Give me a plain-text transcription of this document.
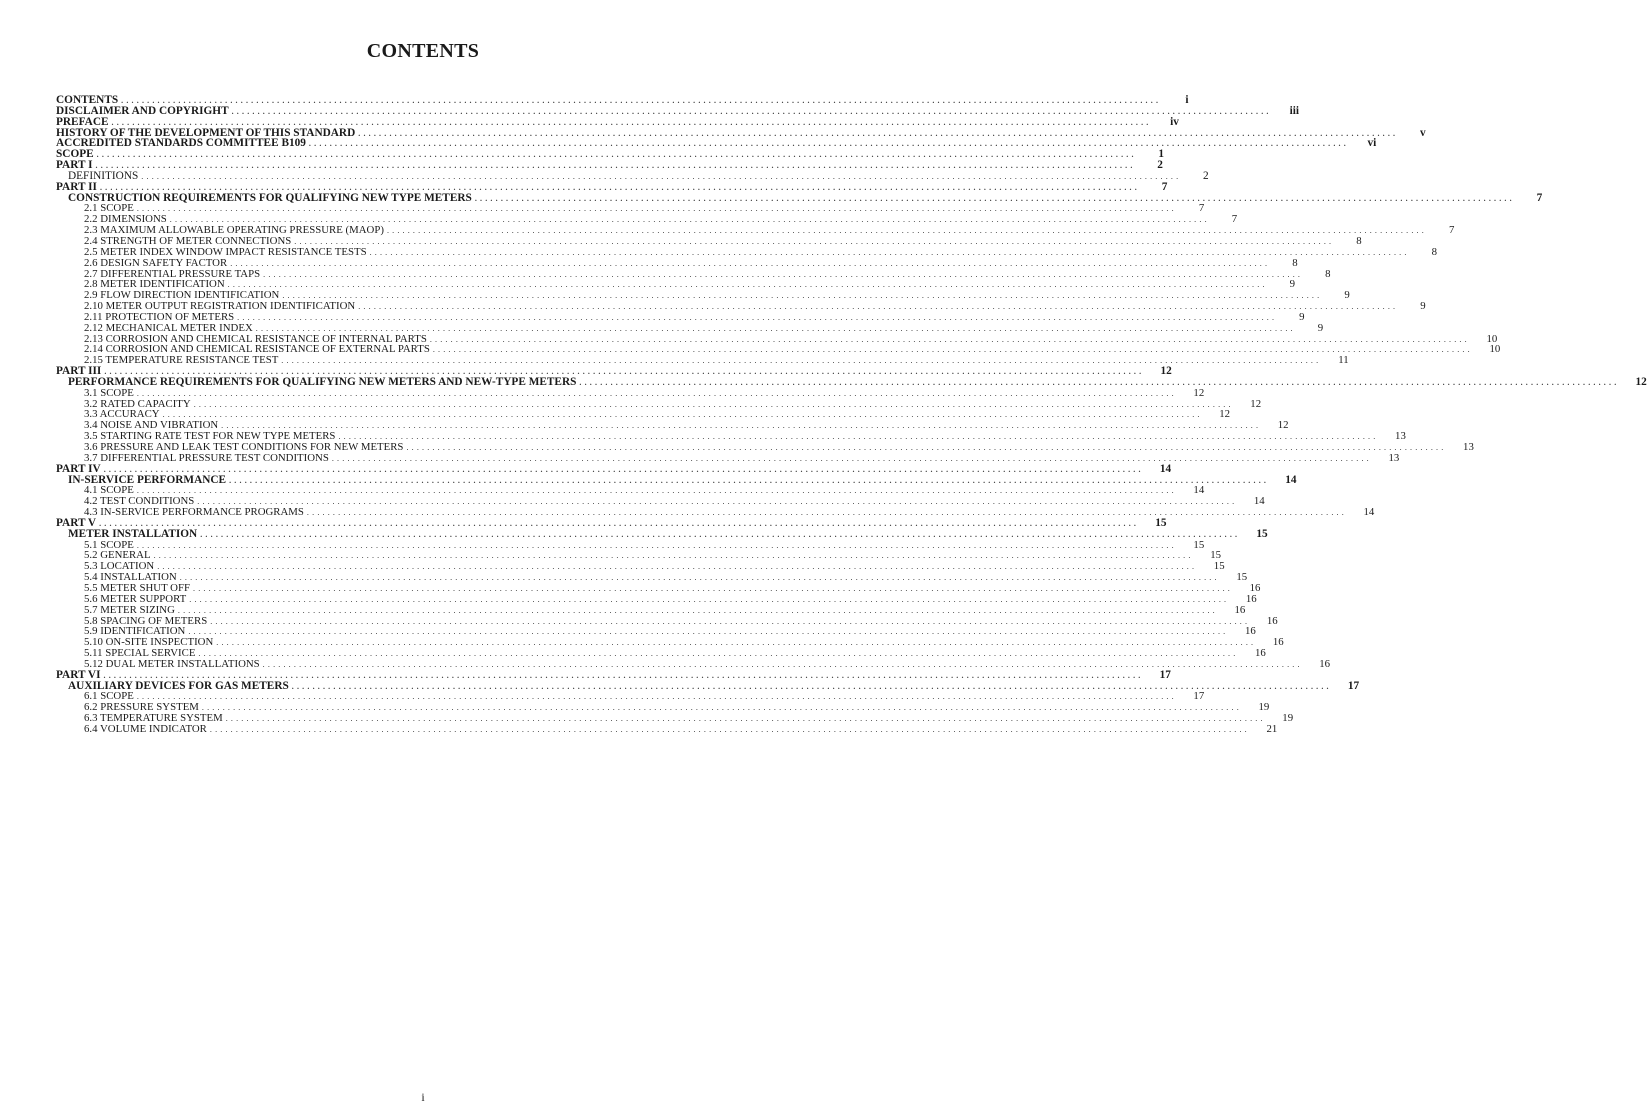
CONTENTS
CONTENTS . . . . . . . . . . . . . . . . . . . . . . . . . . . . . . . . . . . . . . . . . . . . . . . . . . . . . . . . . . . . . . . . . . . . . . . . . . . . . . . . . . . . . . . . . . . . . . . . . . . . . . . . . . . . . . . . . . . . . . . . . . . . . . . . . . . . . . . . . . . . . . . . . . . . . . . . . . . . . . . . . . . . . . . . . . . . . . . . . . . . . . . . . . . . . . . . . . . . . . . .	i
DISCLAIMER AND COPYRIGHT . . . . . . . . . . . . . . . . . . . . . . . . . . . . . . . . . . . . . . . . . . . . . . . . . . . . . . . . . . . . . . . . . . . . . . . . . . . . . . . . . . . . . . . . . . . . . . . . . . . . . . . . . . . . . . . . . . . . . . . . . . . . . . . . . . . . . . . . . . . . . . . . . . . . . . . . . . . . . . . . . . . . . . . . . . . . . . . . . . . . . . . . . . . . . . . . . . . . . . . .	iii
PREFACE . . . . . . . . . . . . . . . . . . . . . . . . . . . . . . . . . . . . . . . . . . . . . . . . . . . . . . . . . . . . . . . . . . . . . . . . . . . . . . . . . . . . . . . . . . . . . . . . . . . . . . . . . . . . . . . . . . . . . . . . . . . . . . . . . . . . . . . . . . . . . . . . . . . . . . . . . . . . . . . . . . . . . . . . . . . . . . . . . . . . . . . . . . . . . . . . . . . . . . . .	iv
HISTORY OF THE DEVELOPMENT OF THIS STANDARD . . . . . . . . . . . . . . . . . . . . . . . . . . . . . . . . . . . . . . . . . . . . . . . . . . . . . . . . . . . . . . . . . . . . . . . . . . . . . . . . . . . . . . . . . . . . . . . . . . . . . . . . . . . . . . . . . . . . . . . . . . . . . . . . . . . . . . . . . . . . . . . . . . . . . . . . . . . . . . . . . . . . . . . . . . . . . . . . . . . . . . . . . . . . . . . . . . . . . . . .	v
ACCREDITED STANDARDS COMMITTEE B109 . . . . . . . . . . . . . . . . . . . . . . . . . . . . . . . . . . . . . . . . . . . . . . . . . . . . . . . . . . . . . . . . . . . . . . . . . . . . . . . . . . . . . . . . . . . . . . . . . . . . . . . . . . . . . . . . . . . . . . . . . . . . . . . . . . . . . . . . . . . . . . . . . . . . . . . . . . . . . . . . . . . . . . . . . . . . . . . . . . . . . . . . . . . . . . . . . . . . . . . .	vi
SCOPE . . . . . . . . . . . . . . . . . . . . . . . . . . . . . . . . . . . . . . . . . . . . . . . . . . . . . . . . . . . . . . . . . . . . . . . . . . . . . . . . . . . . . . . . . . . . . . . . . . . . . . . . . . . . . . . . . . . . . . . . . . . . . . . . . . . . . . . . . . . . . . . . . . . . . . . . . . . . . . . . . . . . . . . . . . . . . . . . . . . . . . . . . . . . . . . . . . . . . . . .	1
PART I . . . . . . . . . . . . . . . . . . . . . . . . . . . . . . . . . . . . . . . . . . . . . . . . . . . . . . . . . . . . . . . . . . . . . . . . . . . . . . . . . . . . . . . . . . . . . . . . . . . . . . . . . . . . . . . . . . . . . . . . . . . . . . . . . . . . . . . . . . . . . . . . . . . . . . . . . . . . . . . . . . . . . . . . . . . . . . . . . . . . . . . . . . . . . . . . . . . . . . . .	2
DEFINITIONS . . . . . . . . . . . . . . . . . . . . . . . . . . . . . . . . . . . . . . . . . . . . . . . . . . . . . . . . . . . . . . . . . . . . . . . . . . . . . . . . . . . . . . . . . . . . . . . . . . . . . . . . . . . . . . . . . . . . . . . . . . . . . . . . . . . . . . . . . . . . . . . . . . . . . . . . . . . . . . . . . . . . . . . . . . . . . . . . . . . . . . . . . . . . . . . . . . . . . . . .	2
PART II . . . . . . . . . . . . . . . . . . . . . . . . . . . . . . . . . . . . . . . . . . . . . . . . . . . . . . . . . . . . . . . . . . . . . . . . . . . . . . . . . . . . . . . . . . . . . . . . . . . . . . . . . . . . . . . . . . . . . . . . . . . . . . . . . . . . . . . . . . . . . . . . . . . . . . . . . . . . . . . . . . . . . . . . . . . . . . . . . . . . . . . . . . . . . . . . . . . . . . . .	7
CONSTRUCTION REQUIREMENTS FOR QUALIFYING NEW TYPE METERS . . . . . . . . . . . . . . . . . . . . . . . . . . . . . . . . . . . . . . . . . . . . . . . . . . . . . . . . . . . . . . . . . . . . . . . . . . . . . . . . . . . . . . . . . . . . . . . . . . . . . . . . . . . . . . . . . . . . . . . . . . . . . . . . . . . . . . . . . . . . . . . . . . . . . . . . . . . . . . . . . . . . . . . . . . . . . . . . . . . . . . . . . . . . . . . . . . . . . . . .	7
2.1 SCOPE . . . . . . . . . . . . . . . . . . . . . . . . . . . . . . . . . . . . . . . . . . . . . . . . . . . . . . . . . . . . . . . . . . . . . . . . . . . . . . . . . . . . . . . . . . . . . . . . . . . . . . . . . . . . . . . . . . . . . . . . . . . . . . . . . . . . . . . . . . . . . . . . . . . . . . . . . . . . . . . . . . . . . . . . . . . . . . . . . . . . . . . . . . . . . . . . . . . . . . . .	7
2.2 DIMENSIONS . . . . . . . . . . . . . . . . . . . . . . . . . . . . . . . . . . . . . . . . . . . . . . . . . . . . . . . . . . . . . . . . . . . . . . . . . . . . . . . . . . . . . . . . . . . . . . . . . . . . . . . . . . . . . . . . . . . . . . . . . . . . . . . . . . . . . . . . . . . . . . . . . . . . . . . . . . . . . . . . . . . . . . . . . . . . . . . . . . . . . . . . . . . . . . . . . . . . . . . .	7
2.3 MAXIMUM ALLOWABLE OPERATING PRESSURE (MAOP) . . . . . . . . . . . . . . . . . . . . . . . . . . . . . . . . . . . . . . . . . . . . . . . . . . . . . . . . . . . . . . . . . . . . . . . . . . . . . . . . . . . . . . . . . . . . . . . . . . . . . . . . . . . . . . . . . . . . . . . . . . . . . . . . . . . . . . . . . . . . . . . . . . . . . . . . . . . . . . . . . . . . . . . . . . . . . . . . . . . . . . . . . . . . . . . . . . . . . . . .	7
2.4 STRENGTH OF METER CONNECTIONS . . . . . . . . . . . . . . . . . . . . . . . . . . . . . . . . . . . . . . . . . . . . . . . . . . . . . . . . . . . . . . . . . . . . . . . . . . . . . . . . . . . . . . . . . . . . . . . . . . . . . . . . . . . . . . . . . . . . . . . . . . . . . . . . . . . . . . . . . . . . . . . . . . . . . . . . . . . . . . . . . . . . . . . . . . . . . . . . . . . . . . . . . . . . . . . . . . . . . . . .	8
2.5 METER INDEX WINDOW IMPACT RESISTANCE TESTS . . . . . . . . . . . . . . . . . . . . . . . . . . . . . . . . . . . . . . . . . . . . . . . . . . . . . . . . . . . . . . . . . . . . . . . . . . . . . . . . . . . . . . . . . . . . . . . . . . . . . . . . . . . . . . . . . . . . . . . . . . . . . . . . . . . . . . . . . . . . . . . . . . . . . . . . . . . . . . . . . . . . . . . . . . . . . . . . . . . . . . . . . . . . . . . . . . . . . . . .	8
2.6 DESIGN SAFETY FACTOR . . . . . . . . . . . . . . . . . . . . . . . . . . . . . . . . . . . . . . . . . . . . . . . . . . . . . . . . . . . . . . . . . . . . . . . . . . . . . . . . . . . . . . . . . . . . . . . . . . . . . . . . . . . . . . . . . . . . . . . . . . . . . . . . . . . . . . . . . . . . . . . . . . . . . . . . . . . . . . . . . . . . . . . . . . . . . . . . . . . . . . . . . . . . . . . . . . . . . . . .	8
2.7 DIFFERENTIAL PRESSURE TAPS . . . . . . . . . . . . . . . . . . . . . . . . . . . . . . . . . . . . . . . . . . . . . . . . . . . . . . . . . . . . . . . . . . . . . . . . . . . . . . . . . . . . . . . . . . . . . . . . . . . . . . . . . . . . . . . . . . . . . . . . . . . . . . . . . . . . . . . . . . . . . . . . . . . . . . . . . . . . . . . . . . . . . . . . . . . . . . . . . . . . . . . . . . . . . . . . . . . . . . . .	8
2.8 METER IDENTIFICATION . . . . . . . . . . . . . . . . . . . . . . . . . . . . . . . . . . . . . . . . . . . . . . . . . . . . . . . . . . . . . . . . . . . . . . . . . . . . . . . . . . . . . . . . . . . . . . . . . . . . . . . . . . . . . . . . . . . . . . . . . . . . . . . . . . . . . . . . . . . . . . . . . . . . . . . . . . . . . . . . . . . . . . . . . . . . . . . . . . . . . . . . . . . . . . . . . . . . . . . .	9
2.9 FLOW DIRECTION IDENTIFICATION . . . . . . . . . . . . . . . . . . . . . . . . . . . . . . . . . . . . . . . . . . . . . . . . . . . . . . . . . . . . . . . . . . . . . . . . . . . . . . . . . . . . . . . . . . . . . . . . . . . . . . . . . . . . . . . . . . . . . . . . . . . . . . . . . . . . . . . . . . . . . . . . . . . . . . . . . . . . . . . . . . . . . . . . . . . . . . . . . . . . . . . . . . . . . . . . . . . . . . . .	9
2.10 METER OUTPUT REGISTRATION IDENTIFICATION . . . . . . . . . . . . . . . . . . . . . . . . . . . . . . . . . . . . . . . . . . . . . . . . . . . . . . . . . . . . . . . . . . . . . . . . . . . . . . . . . . . . . . . . . . . . . . . . . . . . . . . . . . . . . . . . . . . . . . . . . . . . . . . . . . . . . . . . . . . . . . . . . . . . . . . . . . . . . . . . . . . . . . . . . . . . . . . . . . . . . . . . . . . . . . . . . . . . . . . .	9
2.11 PROTECTION OF METERS . . . . . . . . . . . . . . . . . . . . . . . . . . . . . . . . . . . . . . . . . . . . . . . . . . . . . . . . . . . . . . . . . . . . . . . . . . . . . . . . . . . . . . . . . . . . . . . . . . . . . . . . . . . . . . . . . . . . . . . . . . . . . . . . . . . . . . . . . . . . . . . . . . . . . . . . . . . . . . . . . . . . . . . . . . . . . . . . . . . . . . . . . . . . . . . . . . . . . . . .	9
2.12 MECHANICAL METER INDEX . . . . . . . . . . . . . . . . . . . . . . . . . . . . . . . . . . . . . . . . . . . . . . . . . . . . . . . . . . . . . . . . . . . . . . . . . . . . . . . . . . . . . . . . . . . . . . . . . . . . . . . . . . . . . . . . . . . . . . . . . . . . . . . . . . . . . . . . . . . . . . . . . . . . . . . . . . . . . . . . . . . . . . . . . . . . . . . . . . . . . . . . . . . . . . . . . . . . . . . .	9
2.13 CORROSION AND CHEMICAL RESISTANCE OF INTERNAL PARTS . . . . . . . . . . . . . . . . . . . . . . . . . . . . . . . . . . . . . . . . . . . . . . . . . . . . . . . . . . . . . . . . . . . . . . . . . . . . . . . . . . . . . . . . . . . . . . . . . . . . . . . . . . . . . . . . . . . . . . . . . . . . . . . . . . . . . . . . . . . . . . . . . . . . . . . . . . . . . . . . . . . . . . . . . . . . . . . . . . . . . . . . . . . . . . . . . . . . . . . .	10
2.14 CORROSION AND CHEMICAL RESISTANCE OF EXTERNAL PARTS . . . . . . . . . . . . . . . . . . . . . . . . . . . . . . . . . . . . . . . . . . . . . . . . . . . . . . . . . . . . . . . . . . . . . . . . . . . . . . . . . . . . . . . . . . . . . . . . . . . . . . . . . . . . . . . . . . . . . . . . . . . . . . . . . . . . . . . . . . . . . . . . . . . . . . . . . . . . . . . . . . . . . . . . . . . . . . . . . . . . . . . . . . . . . . . . . . . . . . . .	10
2.15 TEMPERATURE RESISTANCE TEST . . . . . . . . . . . . . . . . . . . . . . . . . . . . . . . . . . . . . . . . . . . . . . . . . . . . . . . . . . . . . . . . . . . . . . . . . . . . . . . . . . . . . . . . . . . . . . . . . . . . . . . . . . . . . . . . . . . . . . . . . . . . . . . . . . . . . . . . . . . . . . . . . . . . . . . . . . . . . . . . . . . . . . . . . . . . . . . . . . . . . . . . . . . . . . . . . . . . . . . .	11
PART III . . . . . . . . . . . . . . . . . . . . . . . . . . . . . . . . . . . . . . . . . . . . . . . . . . . . . . . . . . . . . . . . . . . . . . . . . . . . . . . . . . . . . . . . . . . . . . . . . . . . . . . . . . . . . . . . . . . . . . . . . . . . . . . . . . . . . . . . . . . . . . . . . . . . . . . . . . . . . . . . . . . . . . . . . . . . . . . . . . . . . . . . . . . . . . . . . . . . . . . .	12
PERFORMANCE REQUIREMENTS FOR QUALIFYING NEW METERS AND NEW-TYPE METERS . . . . . . . . . . . . . . . . . . . . . . . . . . . . . . . . . . . . . . . . . . . . . . . . . . . . . . . . . . . . . . . . . . . . . . . . . . . . . . . . . . . . . . . . . . . . . . . . . . . . . . . . . . . . . . . . . . . . . . . . . . . . . . . . . . . . . . . . . . . . . . . . . . . . . . . . . . . . . . . . . . . . . . . . . . . . . . . . . . . . . . . . . . . . . . . . . . . . . . . .	12
3.1 SCOPE . . . . . . . . . . . . . . . . . . . . . . . . . . . . . . . . . . . . . . . . . . . . . . . . . . . . . . . . . . . . . . . . . . . . . . . . . . . . . . . . . . . . . . . . . . . . . . . . . . . . . . . . . . . . . . . . . . . . . . . . . . . . . . . . . . . . . . . . . . . . . . . . . . . . . . . . . . . . . . . . . . . . . . . . . . . . . . . . . . . . . . . . . . . . . . . . . . . . . . . .	12
3.2 RATED CAPACITY . . . . . . . . . . . . . . . . . . . . . . . . . . . . . . . . . . . . . . . . . . . . . . . . . . . . . . . . . . . . . . . . . . . . . . . . . . . . . . . . . . . . . . . . . . . . . . . . . . . . . . . . . . . . . . . . . . . . . . . . . . . . . . . . . . . . . . . . . . . . . . . . . . . . . . . . . . . . . . . . . . . . . . . . . . . . . . . . . . . . . . . . . . . . . . . . . . . . . . . .	12
3.3 ACCURACY . . . . . . . . . . . . . . . . . . . . . . . . . . . . . . . . . . . . . . . . . . . . . . . . . . . . . . . . . . . . . . . . . . . . . . . . . . . . . . . . . . . . . . . . . . . . . . . . . . . . . . . . . . . . . . . . . . . . . . . . . . . . . . . . . . . . . . . . . . . . . . . . . . . . . . . . . . . . . . . . . . . . . . . . . . . . . . . . . . . . . . . . . . . . . . . . . . . . . . . .	12
3.4 NOISE AND VIBRATION . . . . . . . . . . . . . . . . . . . . . . . . . . . . . . . . . . . . . . . . . . . . . . . . . . . . . . . . . . . . . . . . . . . . . . . . . . . . . . . . . . . . . . . . . . . . . . . . . . . . . . . . . . . . . . . . . . . . . . . . . . . . . . . . . . . . . . . . . . . . . . . . . . . . . . . . . . . . . . . . . . . . . . . . . . . . . . . . . . . . . . . . . . . . . . . . . . . . . . . .	12
3.5 STARTING RATE TEST FOR NEW TYPE METERS . . . . . . . . . . . . . . . . . . . . . . . . . . . . . . . . . . . . . . . . . . . . . . . . . . . . . . . . . . . . . . . . . . . . . . . . . . . . . . . . . . . . . . . . . . . . . . . . . . . . . . . . . . . . . . . . . . . . . . . . . . . . . . . . . . . . . . . . . . . . . . . . . . . . . . . . . . . . . . . . . . . . . . . . . . . . . . . . . . . . . . . . . . . . . . . . . . . . . . . .	13
3.6 PRESSURE AND LEAK TEST CONDITIONS FOR NEW METERS . . . . . . . . . . . . . . . . . . . . . . . . . . . . . . . . . . . . . . . . . . . . . . . . . . . . . . . . . . . . . . . . . . . . . . . . . . . . . . . . . . . . . . . . . . . . . . . . . . . . . . . . . . . . . . . . . . . . . . . . . . . . . . . . . . . . . . . . . . . . . . . . . . . . . . . . . . . . . . . . . . . . . . . . . . . . . . . . . . . . . . . . . . . . . . . . . . . . . . . .	13
3.7 DIFFERENTIAL PRESSURE TEST CONDITIONS . . . . . . . . . . . . . . . . . . . . . . . . . . . . . . . . . . . . . . . . . . . . . . . . . . . . . . . . . . . . . . . . . . . . . . . . . . . . . . . . . . . . . . . . . . . . . . . . . . . . . . . . . . . . . . . . . . . . . . . . . . . . . . . . . . . . . . . . . . . . . . . . . . . . . . . . . . . . . . . . . . . . . . . . . . . . . . . . . . . . . . . . . . . . . . . . . . . . . . . .	13
PART IV . . . . . . . . . . . . . . . . . . . . . . . . . . . . . . . . . . . . . . . . . . . . . . . . . . . . . . . . . . . . . . . . . . . . . . . . . . . . . . . . . . . . . . . . . . . . . . . . . . . . . . . . . . . . . . . . . . . . . . . . . . . . . . . . . . . . . . . . . . . . . . . . . . . . . . . . . . . . . . . . . . . . . . . . . . . . . . . . . . . . . . . . . . . . . . . . . . . . . . . .	14
IN-SERVICE PERFORMANCE . . . . . . . . . . . . . . . . . . . . . . . . . . . . . . . . . . . . . . . . . . . . . . . . . . . . . . . . . . . . . . . . . . . . . . . . . . . . . . . . . . . . . . . . . . . . . . . . . . . . . . . . . . . . . . . . . . . . . . . . . . . . . . . . . . . . . . . . . . . . . . . . . . . . . . . . . . . . . . . . . . . . . . . . . . . . . . . . . . . . . . . . . . . . . . . . . . . . . . . .	14
4.1 SCOPE . . . . . . . . . . . . . . . . . . . . . . . . . . . . . . . . . . . . . . . . . . . . . . . . . . . . . . . . . . . . . . . . . . . . . . . . . . . . . . . . . . . . . . . . . . . . . . . . . . . . . . . . . . . . . . . . . . . . . . . . . . . . . . . . . . . . . . . . . . . . . . . . . . . . . . . . . . . . . . . . . . . . . . . . . . . . . . . . . . . . . . . . . . . . . . . . . . . . . . . .	14
4.2 TEST CONDITIONS . . . . . . . . . . . . . . . . . . . . . . . . . . . . . . . . . . . . . . . . . . . . . . . . . . . . . . . . . . . . . . . . . . . . . . . . . . . . . . . . . . . . . . . . . . . . . . . . . . . . . . . . . . . . . . . . . . . . . . . . . . . . . . . . . . . . . . . . . . . . . . . . . . . . . . . . . . . . . . . . . . . . . . . . . . . . . . . . . . . . . . . . . . . . . . . . . . . . . . . .	14
4.3 IN-SERVICE PERFORMANCE PROGRAMS . . . . . . . . . . . . . . . . . . . . . . . . . . . . . . . . . . . . . . . . . . . . . . . . . . . . . . . . . . . . . . . . . . . . . . . . . . . . . . . . . . . . . . . . . . . . . . . . . . . . . . . . . . . . . . . . . . . . . . . . . . . . . . . . . . . . . . . . . . . . . . . . . . . . . . . . . . . . . . . . . . . . . . . . . . . . . . . . . . . . . . . . . . . . . . . . . . . . . . . .	14
PART V . . . . . . . . . . . . . . . . . . . . . . . . . . . . . . . . . . . . . . . . . . . . . . . . . . . . . . . . . . . . . . . . . . . . . . . . . . . . . . . . . . . . . . . . . . . . . . . . . . . . . . . . . . . . . . . . . . . . . . . . . . . . . . . . . . . . . . . . . . . . . . . . . . . . . . . . . . . . . . . . . . . . . . . . . . . . . . . . . . . . . . . . . . . . . . . . . . . . . . . .	15
METER INSTALLATION . . . . . . . . . . . . . . . . . . . . . . . . . . . . . . . . . . . . . . . . . . . . . . . . . . . . . . . . . . . . . . . . . . . . . . . . . . . . . . . . . . . . . . . . . . . . . . . . . . . . . . . . . . . . . . . . . . . . . . . . . . . . . . . . . . . . . . . . . . . . . . . . . . . . . . . . . . . . . . . . . . . . . . . . . . . . . . . . . . . . . . . . . . . . . . . . . . . . . . . .	15
5.1 SCOPE . . . . . . . . . . . . . . . . . . . . . . . . . . . . . . . . . . . . . . . . . . . . . . . . . . . . . . . . . . . . . . . . . . . . . . . . . . . . . . . . . . . . . . . . . . . . . . . . . . . . . . . . . . . . . . . . . . . . . . . . . . . . . . . . . . . . . . . . . . . . . . . . . . . . . . . . . . . . . . . . . . . . . . . . . . . . . . . . . . . . . . . . . . . . . . . . . . . . . . . .	15
5.2 GENERAL . . . . . . . . . . . . . . . . . . . . . . . . . . . . . . . . . . . . . . . . . . . . . . . . . . . . . . . . . . . . . . . . . . . . . . . . . . . . . . . . . . . . . . . . . . . . . . . . . . . . . . . . . . . . . . . . . . . . . . . . . . . . . . . . . . . . . . . . . . . . . . . . . . . . . . . . . . . . . . . . . . . . . . . . . . . . . . . . . . . . . . . . . . . . . . . . . . . . . . . .	15
5.3 LOCATION . . . . . . . . . . . . . . . . . . . . . . . . . . . . . . . . . . . . . . . . . . . . . . . . . . . . . . . . . . . . . . . . . . . . . . . . . . . . . . . . . . . . . . . . . . . . . . . . . . . . . . . . . . . . . . . . . . . . . . . . . . . . . . . . . . . . . . . . . . . . . . . . . . . . . . . . . . . . . . . . . . . . . . . . . . . . . . . . . . . . . . . . . . . . . . . . . . . . . . . .	15
5.4 INSTALLATION . . . . . . . . . . . . . . . . . . . . . . . . . . . . . . . . . . . . . . . . . . . . . . . . . . . . . . . . . . . . . . . . . . . . . . . . . . . . . . . . . . . . . . . . . . . . . . . . . . . . . . . . . . . . . . . . . . . . . . . . . . . . . . . . . . . . . . . . . . . . . . . . . . . . . . . . . . . . . . . . . . . . . . . . . . . . . . . . . . . . . . . . . . . . . . . . . . . . . . . .	15
5.5 METER SHUT OFF . . . . . . . . . . . . . . . . . . . . . . . . . . . . . . . . . . . . . . . . . . . . . . . . . . . . . . . . . . . . . . . . . . . . . . . . . . . . . . . . . . . . . . . . . . . . . . . . . . . . . . . . . . . . . . . . . . . . . . . . . . . . . . . . . . . . . . . . . . . . . . . . . . . . . . . . . . . . . . . . . . . . . . . . . . . . . . . . . . . . . . . . . . . . . . . . . . . . . . . .	16
5.6 METER SUPPORT . . . . . . . . . . . . . . . . . . . . . . . . . . . . . . . . . . . . . . . . . . . . . . . . . . . . . . . . . . . . . . . . . . . . . . . . . . . . . . . . . . . . . . . . . . . . . . . . . . . . . . . . . . . . . . . . . . . . . . . . . . . . . . . . . . . . . . . . . . . . . . . . . . . . . . . . . . . . . . . . . . . . . . . . . . . . . . . . . . . . . . . . . . . . . . . . . . . . . . . .	16
5.7 METER SIZING . . . . . . . . . . . . . . . . . . . . . . . . . . . . . . . . . . . . . . . . . . . . . . . . . . . . . . . . . . . . . . . . . . . . . . . . . . . . . . . . . . . . . . . . . . . . . . . . . . . . . . . . . . . . . . . . . . . . . . . . . . . . . . . . . . . . . . . . . . . . . . . . . . . . . . . . . . . . . . . . . . . . . . . . . . . . . . . . . . . . . . . . . . . . . . . . . . . . . . . .	16
5.8 SPACING OF METERS . . . . . . . . . . . . . . . . . . . . . . . . . . . . . . . . . . . . . . . . . . . . . . . . . . . . . . . . . . . . . . . . . . . . . . . . . . . . . . . . . . . . . . . . . . . . . . . . . . . . . . . . . . . . . . . . . . . . . . . . . . . . . . . . . . . . . . . . . . . . . . . . . . . . . . . . . . . . . . . . . . . . . . . . . . . . . . . . . . . . . . . . . . . . . . . . . . . . . . . .	16
5.9 IDENTIFICATION . . . . . . . . . . . . . . . . . . . . . . . . . . . . . . . . . . . . . . . . . . . . . . . . . . . . . . . . . . . . . . . . . . . . . . . . . . . . . . . . . . . . . . . . . . . . . . . . . . . . . . . . . . . . . . . . . . . . . . . . . . . . . . . . . . . . . . . . . . . . . . . . . . . . . . . . . . . . . . . . . . . . . . . . . . . . . . . . . . . . . . . . . . . . . . . . . . . . . . . .	16
5.10 ON-SITE INSPECTION . . . . . . . . . . . . . . . . . . . . . . . . . . . . . . . . . . . . . . . . . . . . . . . . . . . . . . . . . . . . . . . . . . . . . . . . . . . . . . . . . . . . . . . . . . . . . . . . . . . . . . . . . . . . . . . . . . . . . . . . . . . . . . . . . . . . . . . . . . . . . . . . . . . . . . . . . . . . . . . . . . . . . . . . . . . . . . . . . . . . . . . . . . . . . . . . . . . . . . . .	16
5.11 SPECIAL SERVICE . . . . . . . . . . . . . . . . . . . . . . . . . . . . . . . . . . . . . . . . . . . . . . . . . . . . . . . . . . . . . . . . . . . . . . . . . . . . . . . . . . . . . . . . . . . . . . . . . . . . . . . . . . . . . . . . . . . . . . . . . . . . . . . . . . . . . . . . . . . . . . . . . . . . . . . . . . . . . . . . . . . . . . . . . . . . . . . . . . . . . . . . . . . . . . . . . . . . . . . .	16
5.12 DUAL METER INSTALLATIONS . . . . . . . . . . . . . . . . . . . . . . . . . . . . . . . . . . . . . . . . . . . . . . . . . . . . . . . . . . . . . . . . . . . . . . . . . . . . . . . . . . . . . . . . . . . . . . . . . . . . . . . . . . . . . . . . . . . . . . . . . . . . . . . . . . . . . . . . . . . . . . . . . . . . . . . . . . . . . . . . . . . . . . . . . . . . . . . . . . . . . . . . . . . . . . . . . . . . . . . .	16
PART VI . . . . . . . . . . . . . . . . . . . . . . . . . . . . . . . . . . . . . . . . . . . . . . . . . . . . . . . . . . . . . . . . . . . . . . . . . . . . . . . . . . . . . . . . . . . . . . . . . . . . . . . . . . . . . . . . . . . . . . . . . . . . . . . . . . . . . . . . . . . . . . . . . . . . . . . . . . . . . . . . . . . . . . . . . . . . . . . . . . . . . . . . . . . . . . . . . . . . . . . .	17
AUXILIARY DEVICES FOR GAS METERS . . . . . . . . . . . . . . . . . . . . . . . . . . . . . . . . . . . . . . . . . . . . . . . . . . . . . . . . . . . . . . . . . . . . . . . . . . . . . . . . . . . . . . . . . . . . . . . . . . . . . . . . . . . . . . . . . . . . . . . . . . . . . . . . . . . . . . . . . . . . . . . . . . . . . . . . . . . . . . . . . . . . . . . . . . . . . . . . . . . . . . . . . . . . . . . . . . . . . . . .	17
6.1 SCOPE . . . . . . . . . . . . . . . . . . . . . . . . . . . . . . . . . . . . . . . . . . . . . . . . . . . . . . . . . . . . . . . . . . . . . . . . . . . . . . . . . . . . . . . . . . . . . . . . . . . . . . . . . . . . . . . . . . . . . . . . . . . . . . . . . . . . . . . . . . . . . . . . . . . . . . . . . . . . . . . . . . . . . . . . . . . . . . . . . . . . . . . . . . . . . . . . . . . . . . . .	17
6.2 PRESSURE SYSTEM . . . . . . . . . . . . . . . . . . . . . . . . . . . . . . . . . . . . . . . . . . . . . . . . . . . . . . . . . . . . . . . . . . . . . . . . . . . . . . . . . . . . . . . . . . . . . . . . . . . . . . . . . . . . . . . . . . . . . . . . . . . . . . . . . . . . . . . . . . . . . . . . . . . . . . . . . . . . . . . . . . . . . . . . . . . . . . . . . . . . . . . . . . . . . . . . . . . . . . . .	19
6.3 TEMPERATURE SYSTEM . . . . . . . . . . . . . . . . . . . . . . . . . . . . . . . . . . . . . . . . . . . . . . . . . . . . . . . . . . . . . . . . . . . . . . . . . . . . . . . . . . . . . . . . . . . . . . . . . . . . . . . . . . . . . . . . . . . . . . . . . . . . . . . . . . . . . . . . . . . . . . . . . . . . . . . . . . . . . . . . . . . . . . . . . . . . . . . . . . . . . . . . . . . . . . . . . . . . . . . .	19
6.4 VOLUME INDICATOR . . . . . . . . . . . . . . . . . . . . . . . . . . . . . . . . . . . . . . . . . . . . . . . . . . . . . . . . . . . . . . . . . . . . . . . . . . . . . . . . . . . . . . . . . . . . . . . . . . . . . . . . . . . . . . . . . . . . . . . . . . . . . . . . . . . . . . . . . . . . . . . . . . . . . . . . . . . . . . . . . . . . . . . . . . . . . . . . . . . . . . . . . . . . . . . . . . . . . . . .	21
i
